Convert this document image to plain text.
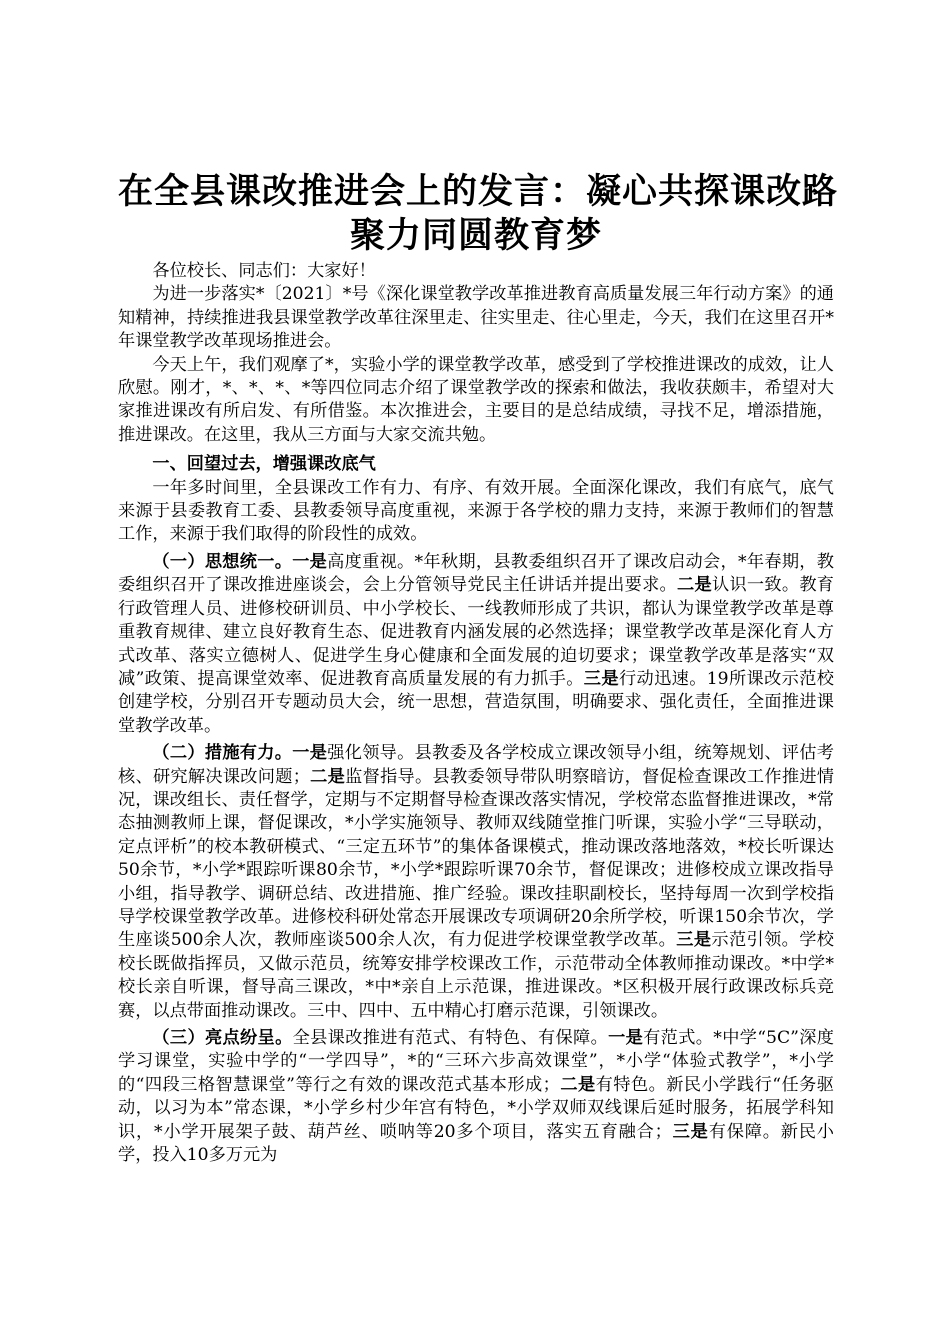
在全县课改推进会上的发言：凝心共探课改路
聚力同圆教育梦

各位校长、同志们：大家好！

为进一步落实*〔2021〕*号《深化课堂教学改革推进教育高质量发展三年行动方案》的通知精神，持续推进我县课堂教学改革往深里走、往实里走、往心里走，今天，我们在这里召开*年课堂教学改革现场推进会。

今天上午，我们观摩了*，实验小学的课堂教学改革，感受到了学校推进课改的成效，让人欣慰。刚才，*、*、*、*等四位同志介绍了课堂教学改的探索和做法，我收获颇丰，希望对大家推进课改有所启发、有所借鉴。本次推进会，主要目的是总结成绩，寻找不足，增添措施，推进课改。在这里，我从三方面与大家交流共勉。

一、回望过去，增强课改底气

一年多时间里，全县课改工作有力、有序、有效开展。全面深化课改，我们有底气，底气来源于县委教育工委、县教委领导高度重视，来源于各学校的鼎力支持，来源于教师们的智慧工作，来源于我们取得的阶段性的成效。

（一）思想统一。一是高度重视。*年秋期，县教委组织召开了课改启动会，*年春期，教委组织召开了课改推进座谈会，会上分管领导党民主任讲话并提出要求。二是认识一致。教育行政管理人员、进修校研训员、中小学校长、一线教师形成了共识，都认为课堂教学改革是尊重教育规律、建立良好教育生态、促进教育内涵发展的必然选择；课堂教学改革是深化育人方式改革、落实立德树人、促进学生身心健康和全面发展的迫切要求；课堂教学改革是落实“双减”政策、提高课堂效率、促进教育高质量发展的有力抓手。三是行动迅速。19所课改示范校创建学校，分别召开专题动员大会，统一思想，营造氛围，明确要求、强化责任，全面推进课堂教学改革。

（二）措施有力。一是强化领导。县教委及各学校成立课改领导小组，统筹规划、评估考核、研究解决课改问题；二是监督指导。县教委领导带队明察暗访，督促检查课改工作推进情况，课改组长、责任督学，定期与不定期督导检查课改落实情况，学校常态监督推进课改，*常态抽测教师上课，督促课改，*小学实施领导、教师双线随堂推门听课，实验小学“三导联动，定点评析”的校本教研模式、“三定五环节”的集体备课模式，推动课改落地落效，*校长听课达50余节，*小学*跟踪听课80余节，*小学*跟踪听课70余节，督促课改；进修校成立课改指导小组，指导教学、调研总结、改进措施、推广经验。课改挂职副校长，坚持每周一次到学校指导学校课堂教学改革。进修校科研处常态开展课改专项调研20余所学校，听课150余节次，学生座谈500余人次，教师座谈500余人次，有力促进学校课堂教学改革。三是示范引领。学校校长既做指挥员，又做示范员，统筹安排学校课改工作，示范带动全体教师推动课改。*中学*校长亲自听课，督导高三课改，*中*亲自上示范课，推进课改。*区积极开展行政课改标兵竞赛，以点带面推动课改。三中、四中、五中精心打磨示范课，引领课改。

（三）亮点纷呈。全县课改推进有范式、有特色、有保障。一是有范式。*中学“5C”深度学习课堂，实验中学的“一学四导”，*的“三环六步高效课堂”，*小学“体验式教学”，*小学的“四段三格智慧课堂”等行之有效的课改范式基本形成；二是有特色。新民小学践行“任务驱动，以习为本”常态课，*小学乡村少年宫有特色，*小学双师双线课后延时服务，拓展学科知识，*小学开展架子鼓、葫芦丝、唢呐等20多个项目，落实五育融合；三是有保障。新民小学，投入10多万元为
